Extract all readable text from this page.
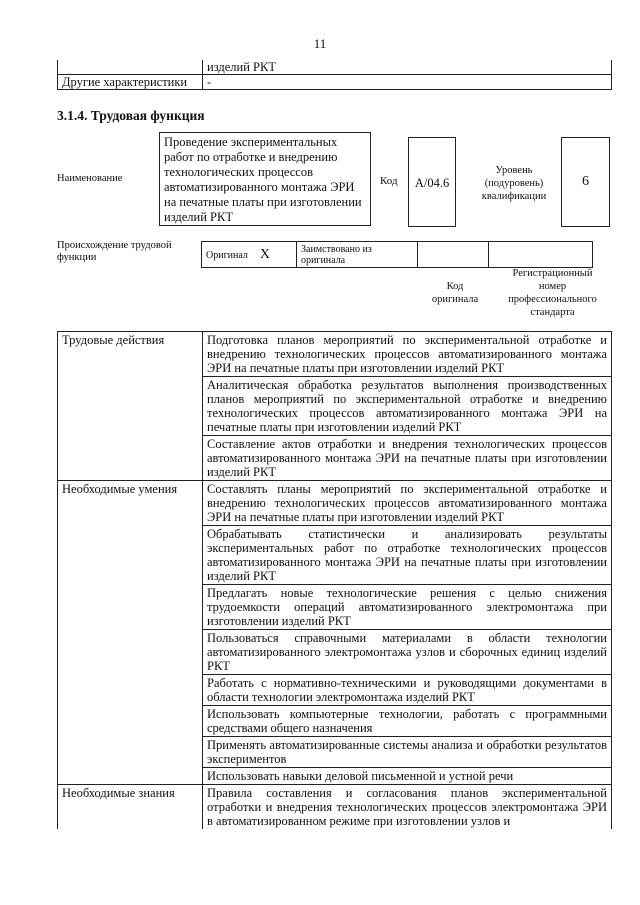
11
	изделий РКТ
Другие характеристики	-
3.1.4. Трудовая функция
Наименование
Проведение экспериментальных работ по отработке и внедрению технологических процессов автоматизированного монтажа ЭРИ на печатные платы при изготовлении изделий РКТ
Код	A/04.6
Уровень (подуровень) квалификации
6
Происхождение трудовой функции	Оригинал X	Заимствовано из оригинала		
Код оригинала
Регистрационный номер профессионального стандарта
Трудовые действия	Подготовка планов мероприятий по экспериментальной отработке и внедрению технологических процессов автоматизированного монтажа ЭРИ на печатные платы при изготовлении изделий РКТ
	Аналитическая обработка результатов выполнения производственных планов мероприятий по экспериментальной отработке и внедрению технологических процессов автоматизированного монтажа ЭРИ на печатные платы при изготовлении изделий РКТ
	Составление актов отработки и внедрения технологических процессов автоматизированного монтажа ЭРИ на печатные платы при изготовлении изделий РКТ
Необходимые умения	Составлять планы мероприятий по экспериментальной отработке и внедрению технологических процессов автоматизированного монтажа ЭРИ на печатные платы при изготовлении изделий РКТ
	Обрабатывать статистически и анализировать результаты экспериментальных работ по отработке технологических процессов автоматизированного монтажа ЭРИ на печатные платы при изготовлении изделий РКТ
	Предлагать новые технологические решения с целью снижения трудоемкости операций автоматизированного электромонтажа при изготовлении изделий РКТ
	Пользоваться справочными материалами в области технологии автоматизированного электромонтажа узлов и сборочных единиц изделий РКТ
	Работать с нормативно-техническими и руководящими документами в области технологии электромонтажа изделий РКТ
	Использовать компьютерные технологии, работать с программными средствами общего назначения
	Применять автоматизированные системы анализа и обработки результатов экспериментов
	Использовать навыки деловой письменной и устной речи
Необходимые знания	Правила составления и согласования планов экспериментальной отработки и внедрения технологических процессов электромонтажа ЭРИ в автоматизированном режиме при изготовлении узлов и
